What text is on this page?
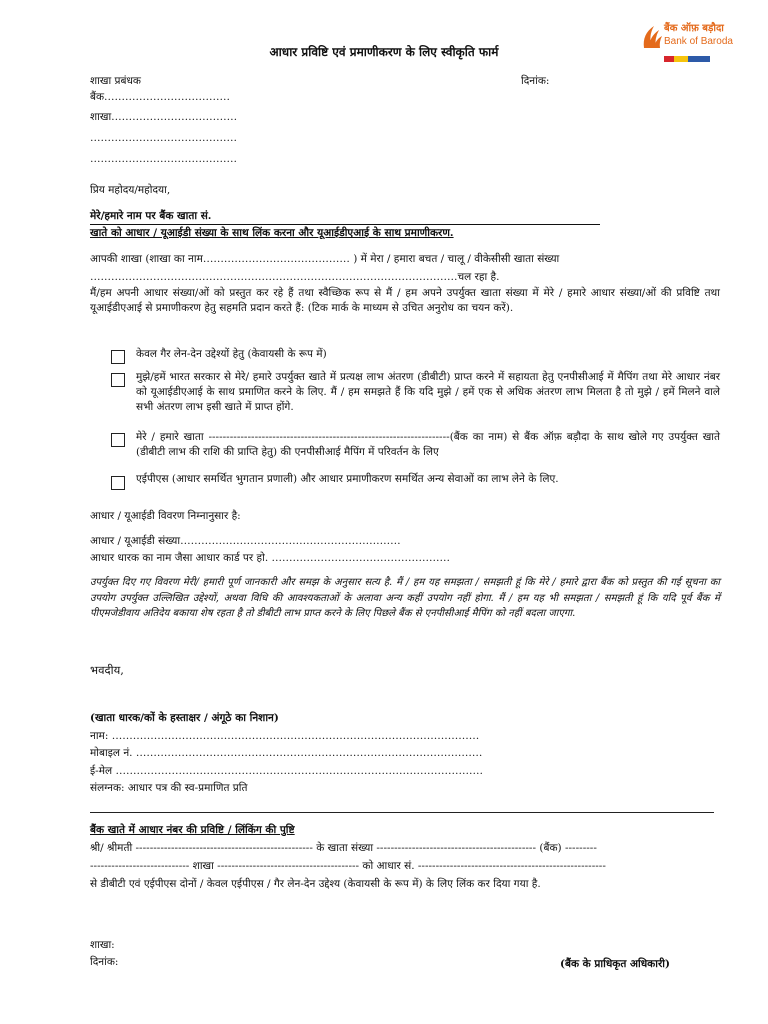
बैंक ऑफ़ बड़ौदा
Bank of Baroda
आधार प्रविष्टि एवं प्रमाणीकरण के लिए स्वीकृति फार्म
शाखा प्रबंधक	दिनांक:
बैंक………………………………
शाखा………………………………
……………………………………
……………………………………
प्रिय महोदय/महोदया,
मेरे/हमारे नाम पर बैंक खाता सं.
खाते को आधार / यूआईडी संख्या के साथ लिंक करना और यूआईडीएआई के साथ प्रमाणीकरण.
आपकी शाखा (शाखा का नाम…………………………………… ) में मेरा / हमारा बचत / चालू / वीकेसीसी खाता संख्या
……………………………………………………………………………………………चल रहा है.
मैं/हम अपनी आधार संख्या/ओं को प्रस्तुत कर रहे हैं तथा स्वैच्छिक रूप से मैं / हम अपने उपर्युक्त खाता संख्या में मेरे / हमारे आधार संख्या/ओं की प्रविष्टि तथा यूआईडीएआई से प्रमाणीकरण हेतु सहमति प्रदान करते हैं: (टिक मार्क के माध्यम से उचित अनुरोध का चयन करें).
केवल गैर लेन-देन उद्देश्यों हेतु (केवायसी के रूप में)
मुझे/हमें भारत सरकार से मेरे/ हमारे उपर्युक्त खाते में प्रत्यक्ष लाभ अंतरण (डीबीटी) प्राप्त करने में सहायता हेतु एनपीसीआई में मैपिंग तथा मेरे आधार नंबर को यूआईडीएआई के साथ प्रमाणित करने के लिए. मैं / हम समझते हैं कि यदि मुझे / हमें एक से अधिक अंतरण लाभ मिलता है तो मुझे / हमें मिलने वाले सभी अंतरण लाभ इसी खाते में प्राप्त होंगे.
मेरे / हमारे खाता --------------------------------------------------------------------(बैंक का नाम) से बैंक ऑफ़ बड़ौदा के साथ खोले गए उपर्युक्त खाते (डीबीटी लाभ की राशि की प्राप्ति हेतु) की एनपीसीआई मैपिंग में परिवर्तन के लिए
एईपीएस (आधार समर्थित भुगतान प्रणाली) और आधार प्रमाणीकरण समर्थित अन्य सेवाओं का लाभ लेने के लिए.
आधार / यूआईडी विवरण निम्नानुसार है:
आधार / यूआईडी संख्या………………………………………………………
आधार धारक का नाम जैसा आधार कार्ड पर हो. ……………………………………………
उपर्युक्त दिए गए विवरण मेरी/ हमारी पूर्ण जानकारी और समझ के अनुसार सत्य है. मैं / हम यह समझता / समझती हूं कि मेरे / हमारे द्वारा बैंक को प्रस्तुत की गई सूचना का उपयोग उपर्युक्त उल्लिखित उद्देश्यों, अथवा विधि की आवश्यकताओं के अलावा अन्य कहीं उपयोग नहीं होगा. मैं / हम यह भी समझता / समझती हूं कि यदि पूर्व बैंक में पीएमजेडीवाय अतिदेय बकाया शेष रहता है तो डीबीटी लाभ प्राप्त करने के लिए पिछले बैंक से एनपीसीआई मैपिंग को नहीं बदला जाएगा.
भवदीय,
(खाता धारक/कों के हस्ताक्षर / अंगूठे का निशान)
नाम: ……………………………………………………………………………………………
मोबाइल नं. ………………………………………………………………………………………
ई-मेल ……………………………………………………………………………………………
संलग्नक: आधार पत्र की स्व-प्रमाणित प्रति
बैंक खाते में आधार नंबर की प्रविष्टि / लिंकिंग की पुष्टि
श्री/ श्रीमती -------------------------------------------------- के खाता संख्या --------------------------------------------- (बैंक) ---------
---------------------------- शाखा ---------------------------------------- को आधार सं. -----------------------------------------------------
से डीबीटी एवं एईपीएस दोनों / केवल एईपीएस / गैर लेन-देन उद्देश्य (केवायसी के रूप में) के लिए लिंक कर दिया गया है.
शाखा:
दिनांक:	(बैंक के प्राधिकृत अधिकारी)
